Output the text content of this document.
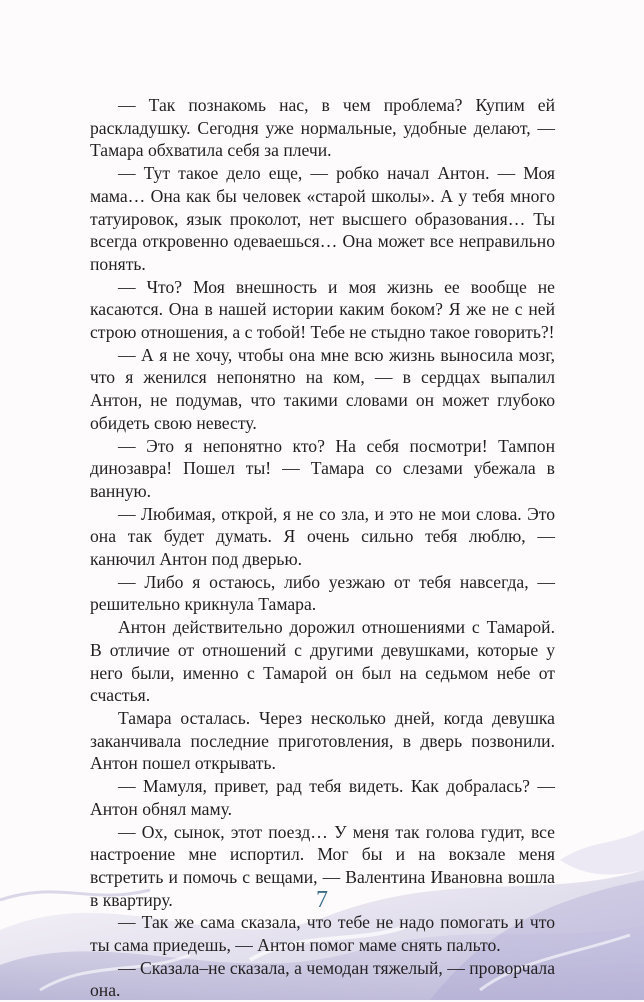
— Так познакомь нас, в чем проблема? Купим ей раскладушку. Сегодня уже нормальные, удобные делают, — Тамара обхватила себя за плечи.

— Тут такое дело еще, — робко начал Антон. — Моя мама… Она как бы человек «старой школы». А у тебя много татуировок, язык проколот, нет высшего образования… Ты всегда откровенно одеваешься… Она может все неправильно понять.

— Что? Моя внешность и моя жизнь ее вообще не касаются. Она в нашей истории каким боком? Я же не с ней строю отношения, а с тобой! Тебе не стыдно такое говорить?!

— А я не хочу, чтобы она мне всю жизнь выносила мозг, что я женился непонятно на ком, — в сердцах выпалил Антон, не подумав, что такими словами он может глубоко обидеть свою невесту.

— Это я непонятно кто? На себя посмотри! Тампон динозавра! Пошел ты! — Тамара со слезами убежала в ванную.

— Любимая, открой, я не со зла, и это не мои слова. Это она так будет думать. Я очень сильно тебя люблю, — канючил Антон под дверью.

— Либо я остаюсь, либо уезжаю от тебя навсегда, — решительно крикнула Тамара.

Антон действительно дорожил отношениями с Тамарой. В отличие от отношений с другими девушками, которые у него были, именно с Тамарой он был на седьмом небе от счастья.

Тамара осталась. Через несколько дней, когда девушка заканчивала последние приготовления, в дверь позвонили. Антон пошел открывать.

— Мамуля, привет, рад тебя видеть. Как добралась? — Антон обнял маму.

— Ох, сынок, этот поезд… У меня так голова гудит, все настроение мне испортил. Мог бы и на вокзале меня встретить и помочь с вещами, — Валентина Ивановна вошла в квартиру.

— Так же сама сказала, что тебе не надо помогать и что ты сама приедешь, — Антон помог маме снять пальто.

— Сказала–не сказала, а чемодан тяжелый, — проворчала она.

7
